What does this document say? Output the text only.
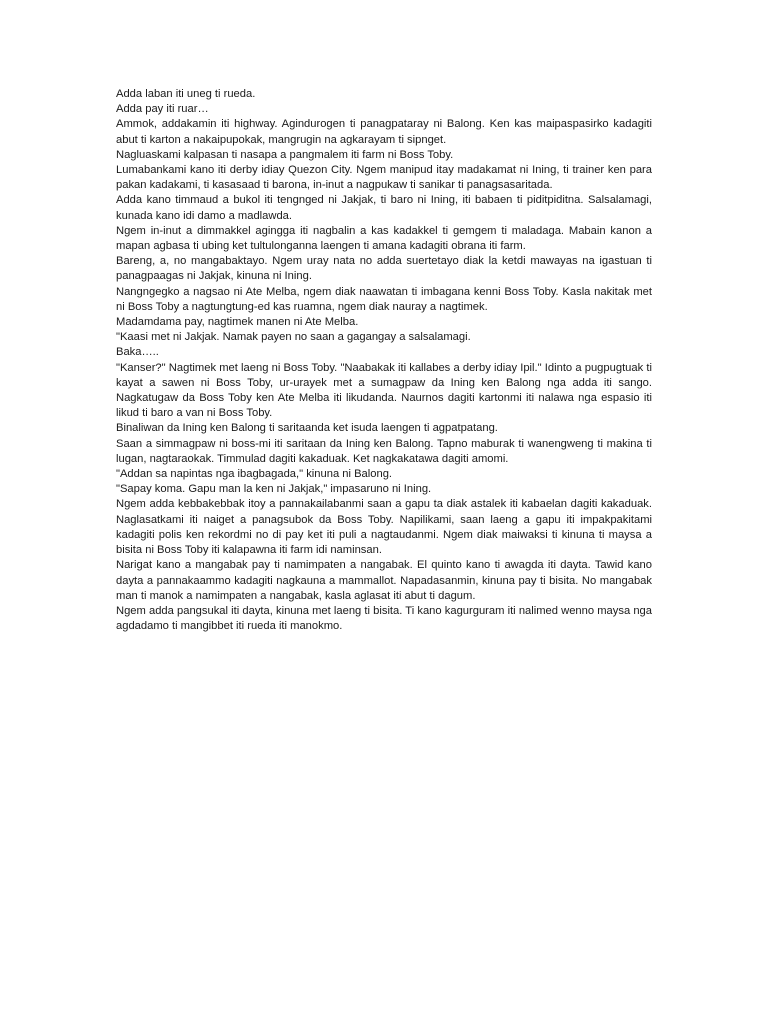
Adda laban iti uneg ti rueda.

Adda pay iti ruar…

Ammok, addakamin iti highway. Agindurogen ti panagpataray ni Balong. Ken kas maipaspasirko kadagiti abut ti karton a nakaipupokak, mangrugin na agkarayam ti sipnget.

Nagluaskami kalpasan ti nasapa a pangmalem iti farm ni Boss Toby.

Lumabankami kano iti derby idiay Quezon City. Ngem manipud itay madakamat ni Ining, ti trainer ken para pakan kadakami, ti kasasaad ti barona, in-inut a nagpukaw ti sanikar ti panagsasaritada.

Adda kano timmaud a bukol iti tengnged ni Jakjak, ti baro ni Ining, iti babaen ti piditpiditna. Salsalamagi, kunada kano idi damo a madlawda.

Ngem in-inut a dimmakkel agingga iti nagbalin a kas kadakkel ti gemgem ti maladaga. Mabain kanon a mapan agbasa ti ubing ket tultulonganna laengen ti amana kadagiti obrana iti farm.

Bareng, a, no mangabaktayo. Ngem uray nata no adda suertetayo diak la ketdi mawayas na igastuan ti panagpaagas ni Jakjak, kinuna ni Ining.

Nangngegko a nagsao ni Ate Melba, ngem diak naawatan ti imbagana kenni Boss Toby. Kasla nakitak met ni Boss Toby a nagtungtung-ed kas ruamna, ngem diak nauray a nagtimek.

Madamdama pay, nagtimek manen ni Ate Melba.

"Kaasi met ni Jakjak. Namak payen no saan a gagangay a salsalamagi.

Baka…..

"Kanser?" Nagtimek met laeng ni Boss Toby. "Naabakak iti kallabes a derby idiay Ipil." Idinto a pugpugtuak ti kayat a sawen ni Boss Toby, ur-urayek met a sumagpaw da Ining ken Balong nga adda iti sango. Nagkatugaw da Boss Toby ken Ate Melba iti likudanda. Naurnos dagiti kartonmi iti nalawa nga espasio iti likud ti baro a van ni Boss Toby.

Binaliwan da Ining ken Balong ti saritaanda ket isuda laengen ti agpatpatang.

Saan a simmagpaw ni boss-mi iti saritaan da Ining ken Balong. Tapno maburak ti wanengweng ti makina ti lugan, nagtaraokak. Timmulad dagiti kakaduak. Ket nagkakatawa dagiti amomi.

"Addan sa napintas nga ibagbagada," kinuna ni Balong.

"Sapay koma. Gapu man la ken ni Jakjak," impasaruno ni Ining.

Ngem adda kebbakebbak itoy a pannakailabanmi saan a gapu ta diak astalek iti kabaelan dagiti kakaduak. Naglasatkami iti naiget a panagsubok da Boss Toby. Napilikami, saan laeng a gapu iti impakpakitami kadagiti polis ken rekordmi no di pay ket iti puli a nagtaudanmi. Ngem diak maiwaksi ti kinuna ti maysa a bisita ni Boss Toby iti kalapawna iti farm idi naminsan.

Narigat kano a mangabak pay ti namimpaten a nangabak. El quinto kano ti awagda iti dayta. Tawid kano dayta a pannakaammo kadagiti nagkauna a mammallot. Napadasanmin, kinuna pay ti bisita. No mangabak man ti manok a namimpaten a nangabak, kasla aglasat iti abut ti dagum.

Ngem adda pangsukal iti dayta, kinuna met laeng ti bisita. Ti kano kagurguram iti nalimed wenno maysa nga agdadamo ti mangibbet iti rueda iti manokmo.
